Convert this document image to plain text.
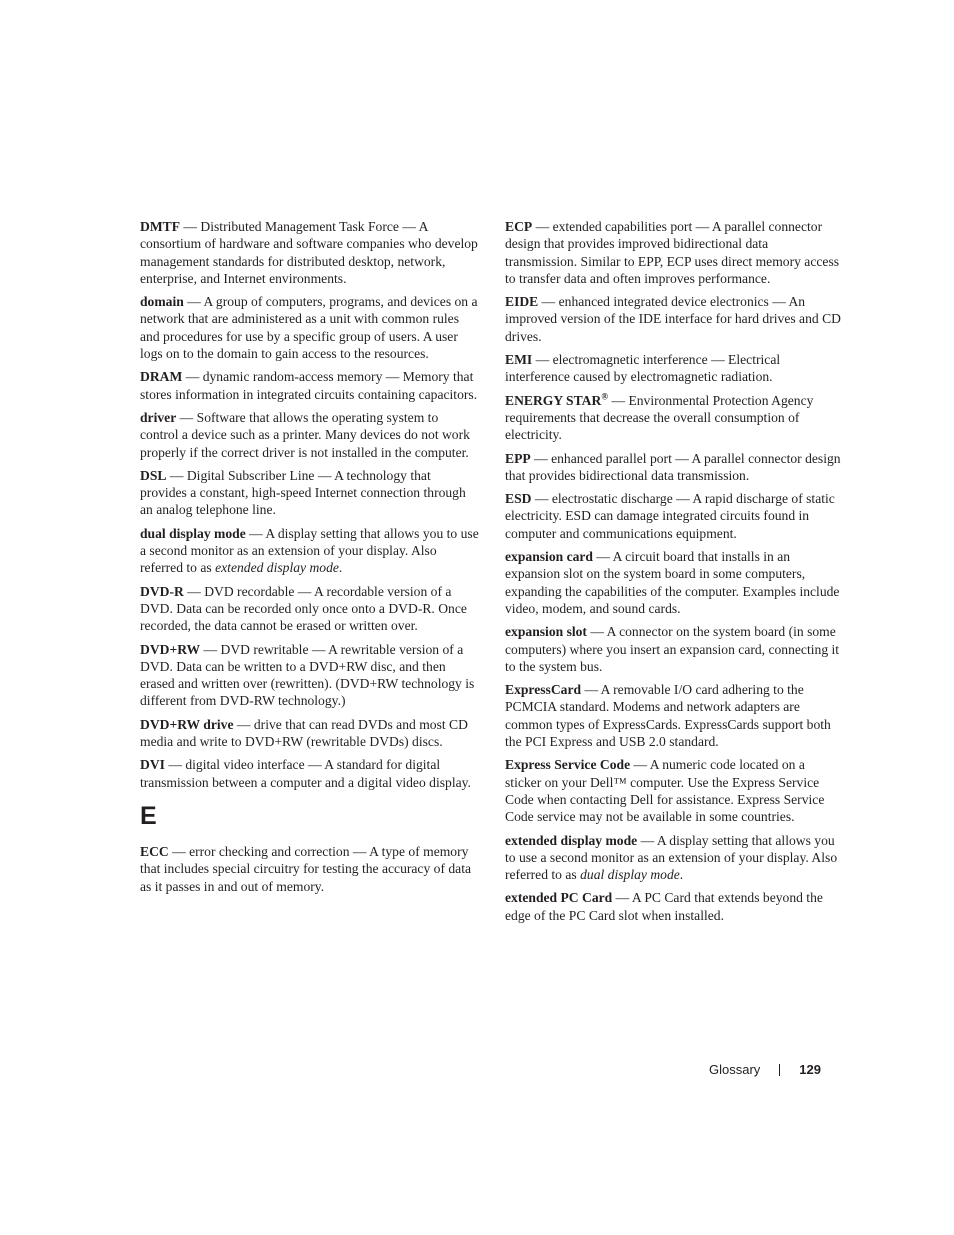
DMTF — Distributed Management Task Force — A consortium of hardware and software companies who develop management standards for distributed desktop, network, enterprise, and Internet environments.

domain — A group of computers, programs, and devices on a network that are administered as a unit with common rules and procedures for use by a specific group of users. A user logs on to the domain to gain access to the resources.

DRAM — dynamic random-access memory — Memory that stores information in integrated circuits containing capacitors.

driver — Software that allows the operating system to control a device such as a printer. Many devices do not work properly if the correct driver is not installed in the computer.

DSL — Digital Subscriber Line — A technology that provides a constant, high-speed Internet connection through an analog telephone line.

dual display mode — A display setting that allows you to use a second monitor as an extension of your display. Also referred to as extended display mode.

DVD-R — DVD recordable — A recordable version of a DVD. Data can be recorded only once onto a DVD-R. Once recorded, the data cannot be erased or written over.

DVD+RW — DVD rewritable — A rewritable version of a DVD. Data can be written to a DVD+RW disc, and then erased and written over (rewritten). (DVD+RW technology is different from DVD-RW technology.)

DVD+RW drive — drive that can read DVDs and most CD media and write to DVD+RW (rewritable DVDs) discs.

DVI — digital video interface — A standard for digital transmission between a computer and a digital video display.

E

ECC — error checking and correction — A type of memory that includes special circuitry for testing the accuracy of data as it passes in and out of memory.

ECP — extended capabilities port — A parallel connector design that provides improved bidirectional data transmission. Similar to EPP, ECP uses direct memory access to transfer data and often improves performance.

EIDE — enhanced integrated device electronics — An improved version of the IDE interface for hard drives and CD drives.

EMI — electromagnetic interference — Electrical interference caused by electromagnetic radiation.

ENERGY STAR® — Environmental Protection Agency requirements that decrease the overall consumption of electricity.

EPP — enhanced parallel port — A parallel connector design that provides bidirectional data transmission.

ESD — electrostatic discharge — A rapid discharge of static electricity. ESD can damage integrated circuits found in computer and communications equipment.

expansion card — A circuit board that installs in an expansion slot on the system board in some computers, expanding the capabilities of the computer. Examples include video, modem, and sound cards.

expansion slot — A connector on the system board (in some computers) where you insert an expansion card, connecting it to the system bus.

ExpressCard — A removable I/O card adhering to the PCMCIA standard. Modems and network adapters are common types of ExpressCards. ExpressCards support both the PCI Express and USB 2.0 standard.

Express Service Code — A numeric code located on a sticker on your Dell™ computer. Use the Express Service Code when contacting Dell for assistance. Express Service Code service may not be available in some countries.

extended display mode — A display setting that allows you to use a second monitor as an extension of your display. Also referred to as dual display mode.

extended PC Card — A PC Card that extends beyond the edge of the PC Card slot when installed.

Glossary	129
